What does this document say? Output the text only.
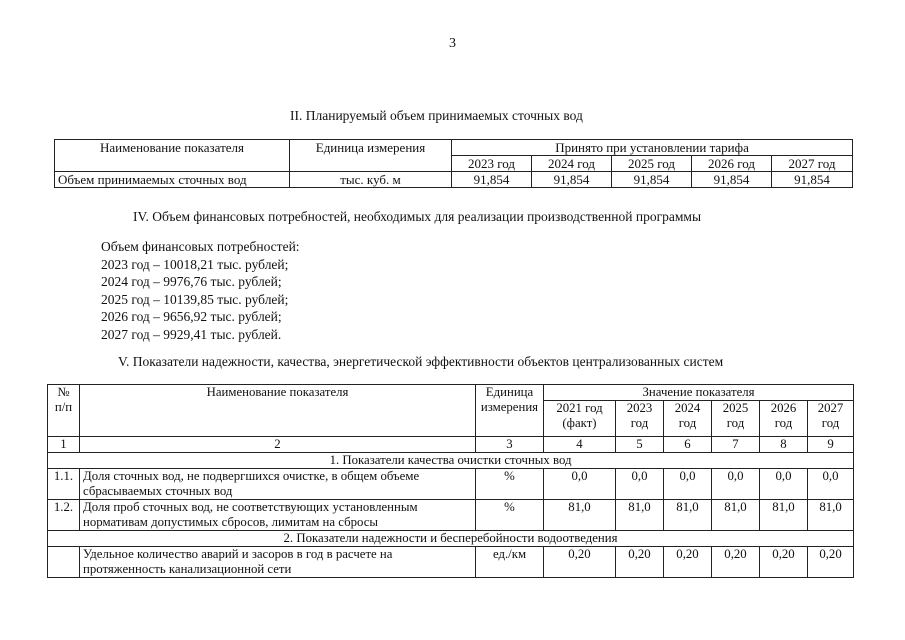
3
II. Планируемый объем принимаемых сточных вод
Наименование показателя	Единица измерения	Принято при установлении тарифа				
		2023 год	2024 год	2025 год	2026 год	2027 год
Объем принимаемых сточных вод	тыс. куб. м	91,854	91,854	91,854	91,854	91,854
IV. Объем финансовых потребностей, необходимых для реализации производственной программы
Объем финансовых потребностей:
2023 год – 10018,21 тыс. рублей;
2024 год – 9976,76 тыс. рублей;
2025 год – 10139,85 тыс. рублей;
2026 год – 9656,92 тыс. рублей;
2027 год – 9929,41 тыс. рублей.
V. Показатели надежности, качества, энергетической эффективности объектов централизованных систем
№ п/п	Наименование показателя	Единица измерения	Значение показателя					
			2021 год (факт)	2023 год	2024 год	2025 год	2026 год	2027 год
1	2	3	4	5	6	7	8	9
1. Показатели качества очистки сточных вод								
1.1.	Доля сточных вод, не подвергшихся очистке, в общем объеме сбрасываемых сточных вод	%	0,0	0,0	0,0	0,0	0,0	0,0
1.2.	Доля проб сточных вод, не соответствующих установленным нормативам допустимых сбросов, лимитам на сбросы	%	81,0	81,0	81,0	81,0	81,0	81,0
2. Показатели надежности и бесперебойности водоотведения								
	Удельное количество аварий и засоров в год в расчете на протяженность канализационной сети	ед./км	0,20	0,20	0,20	0,20	0,20	0,20
